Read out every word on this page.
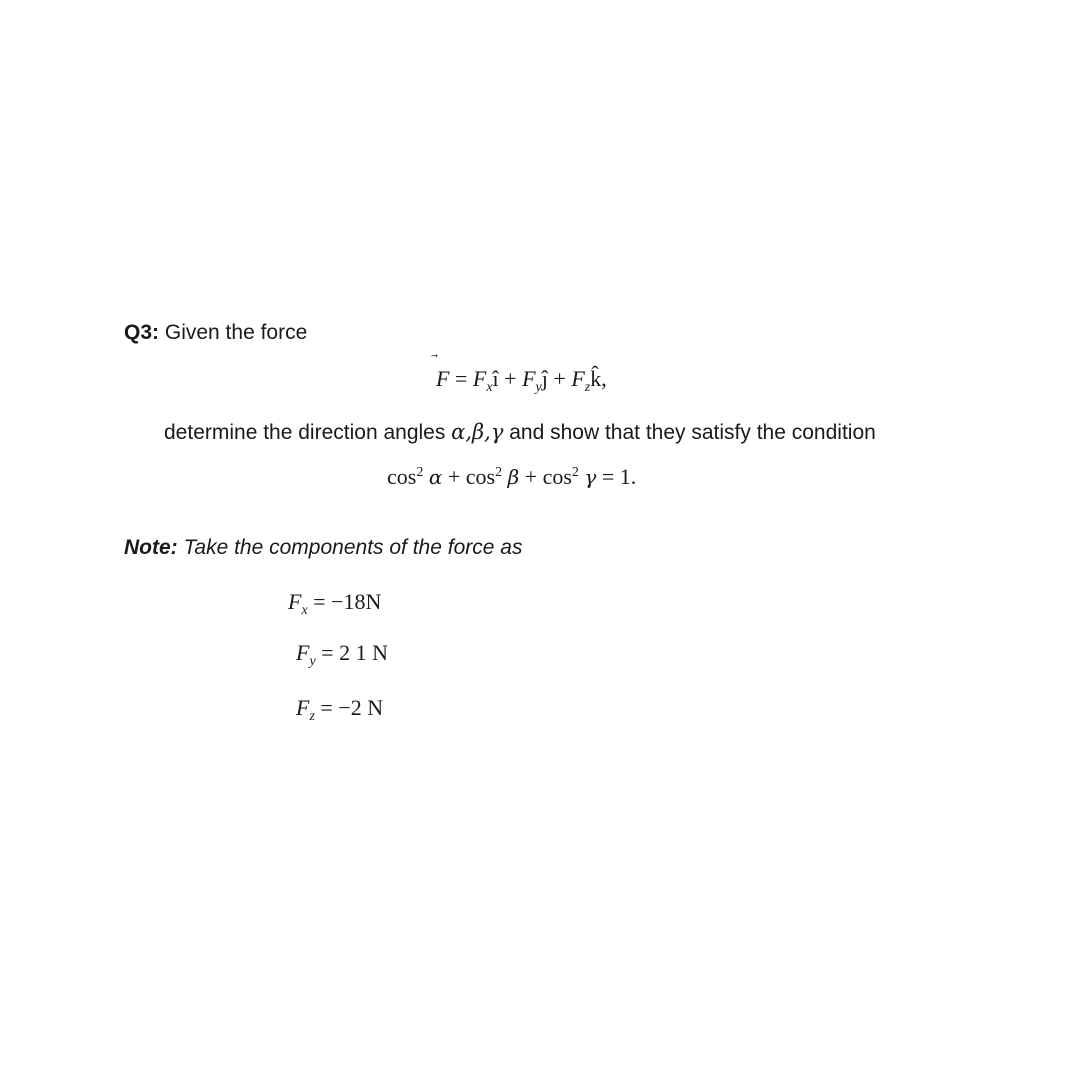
Q3: Given the force
$F = F_xî$ + $F_yĵ$ + $F_zk̂$,
determine the direction angles α,β,γ and show that they satisfy the condition
$\cos^2 \alpha + \cos^2 \beta + \cos^2 \gamma = 1$.
Note: Take the components of the force as
$F_x = -18N$
$F_y = 2$ 1 N
$F_z = -2$ N
